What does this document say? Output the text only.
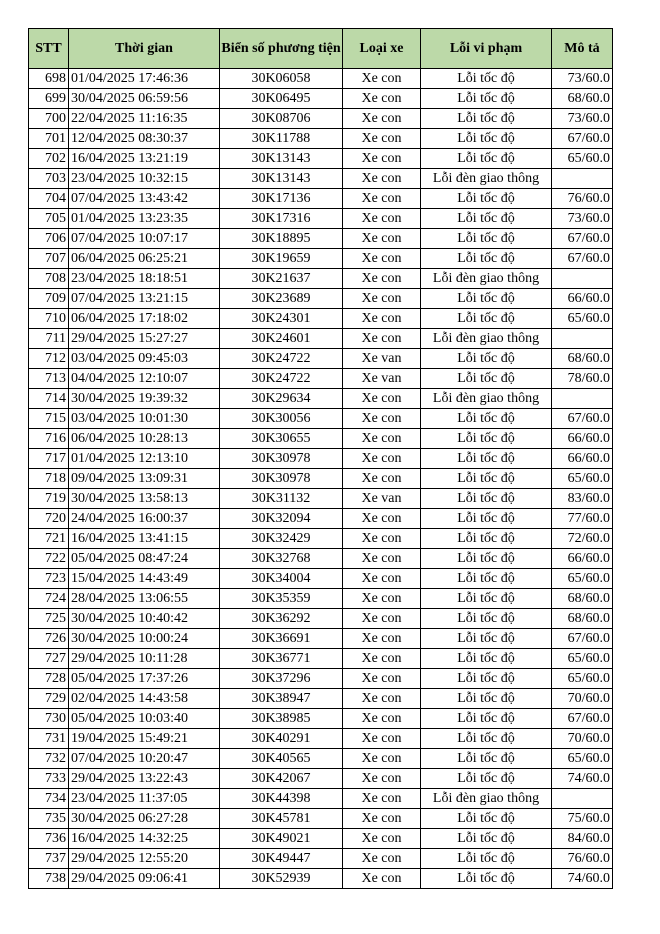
STT	Thời gian	Biển số phương tiện	Loại xe	Lỗi vi phạm	Mô tả
698	01/04/2025 17:46:36	30K06058	Xe con	Lỗi tốc độ	73/60.0
699	30/04/2025 06:59:56	30K06495	Xe con	Lỗi tốc độ	68/60.0
700	22/04/2025 11:16:35	30K08706	Xe con	Lỗi tốc độ	73/60.0
701	12/04/2025 08:30:37	30K11788	Xe con	Lỗi tốc độ	67/60.0
702	16/04/2025 13:21:19	30K13143	Xe con	Lỗi tốc độ	65/60.0
703	23/04/2025 10:32:15	30K13143	Xe con	Lỗi đèn giao thông	
704	07/04/2025 13:43:42	30K17136	Xe con	Lỗi tốc độ	76/60.0
705	01/04/2025 13:23:35	30K17316	Xe con	Lỗi tốc độ	73/60.0
706	07/04/2025 10:07:17	30K18895	Xe con	Lỗi tốc độ	67/60.0
707	06/04/2025 06:25:21	30K19659	Xe con	Lỗi tốc độ	67/60.0
708	23/04/2025 18:18:51	30K21637	Xe con	Lỗi đèn giao thông	
709	07/04/2025 13:21:15	30K23689	Xe con	Lỗi tốc độ	66/60.0
710	06/04/2025 17:18:02	30K24301	Xe con	Lỗi tốc độ	65/60.0
711	29/04/2025 15:27:27	30K24601	Xe con	Lỗi đèn giao thông	
712	03/04/2025 09:45:03	30K24722	Xe van	Lỗi tốc độ	68/60.0
713	04/04/2025 12:10:07	30K24722	Xe van	Lỗi tốc độ	78/60.0
714	30/04/2025 19:39:32	30K29634	Xe con	Lỗi đèn giao thông	
715	03/04/2025 10:01:30	30K30056	Xe con	Lỗi tốc độ	67/60.0
716	06/04/2025 10:28:13	30K30655	Xe con	Lỗi tốc độ	66/60.0
717	01/04/2025 12:13:10	30K30978	Xe con	Lỗi tốc độ	66/60.0
718	09/04/2025 13:09:31	30K30978	Xe con	Lỗi tốc độ	65/60.0
719	30/04/2025 13:58:13	30K31132	Xe van	Lỗi tốc độ	83/60.0
720	24/04/2025 16:00:37	30K32094	Xe con	Lỗi tốc độ	77/60.0
721	16/04/2025 13:41:15	30K32429	Xe con	Lỗi tốc độ	72/60.0
722	05/04/2025 08:47:24	30K32768	Xe con	Lỗi tốc độ	66/60.0
723	15/04/2025 14:43:49	30K34004	Xe con	Lỗi tốc độ	65/60.0
724	28/04/2025 13:06:55	30K35359	Xe con	Lỗi tốc độ	68/60.0
725	30/04/2025 10:40:42	30K36292	Xe con	Lỗi tốc độ	68/60.0
726	30/04/2025 10:00:24	30K36691	Xe con	Lỗi tốc độ	67/60.0
727	29/04/2025 10:11:28	30K36771	Xe con	Lỗi tốc độ	65/60.0
728	05/04/2025 17:37:26	30K37296	Xe con	Lỗi tốc độ	65/60.0
729	02/04/2025 14:43:58	30K38947	Xe con	Lỗi tốc độ	70/60.0
730	05/04/2025 10:03:40	30K38985	Xe con	Lỗi tốc độ	67/60.0
731	19/04/2025 15:49:21	30K40291	Xe con	Lỗi tốc độ	70/60.0
732	07/04/2025 10:20:47	30K40565	Xe con	Lỗi tốc độ	65/60.0
733	29/04/2025 13:22:43	30K42067	Xe con	Lỗi tốc độ	74/60.0
734	23/04/2025 11:37:05	30K44398	Xe con	Lỗi đèn giao thông	
735	30/04/2025 06:27:28	30K45781	Xe con	Lỗi tốc độ	75/60.0
736	16/04/2025 14:32:25	30K49021	Xe con	Lỗi tốc độ	84/60.0
737	29/04/2025 12:55:20	30K49447	Xe con	Lỗi tốc độ	76/60.0
738	29/04/2025 09:06:41	30K52939	Xe con	Lỗi tốc độ	74/60.0
